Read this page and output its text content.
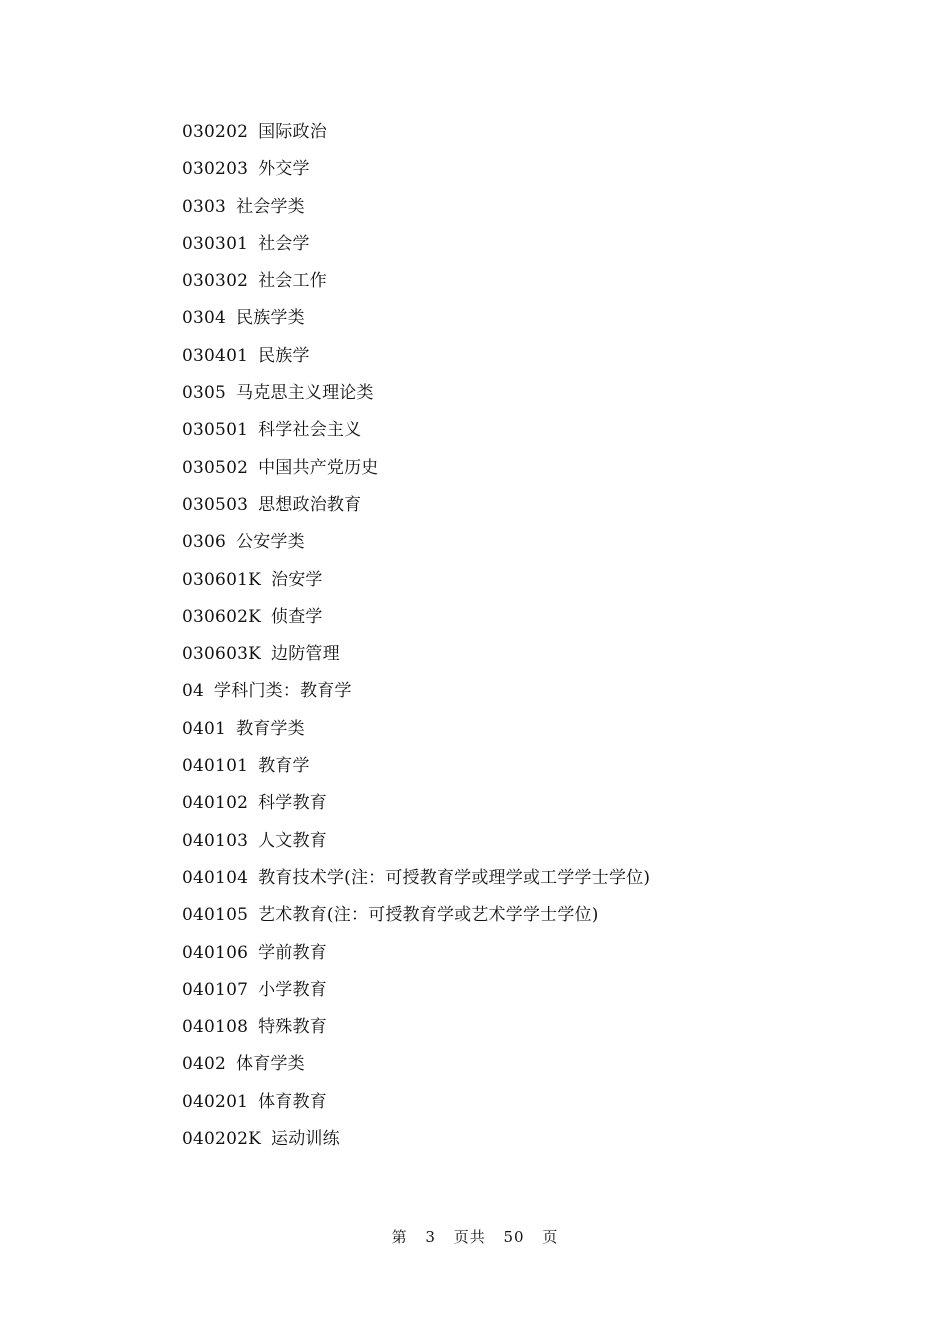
030202 国际政治
030203 外交学
0303 社会学类
030301 社会学
030302 社会工作
0304 民族学类
030401 民族学
0305 马克思主义理论类
030501 科学社会主义
030502 中国共产党历史
030503 思想政治教育
0306 公安学类
030601K 治安学
030602K 侦查学
030603K 边防管理
04 学科门类：教育学
0401 教育学类
040101 教育学
040102 科学教育
040103 人文教育
040104 教育技术学(注：可授教育学或理学或工学学士学位)
040105 艺术教育(注：可授教育学或艺术学学士学位)
040106 学前教育
040107 小学教育
040108 特殊教育
0402 体育学类
040201 体育教育
040202K 运动训练
第 3 页共 50 页
